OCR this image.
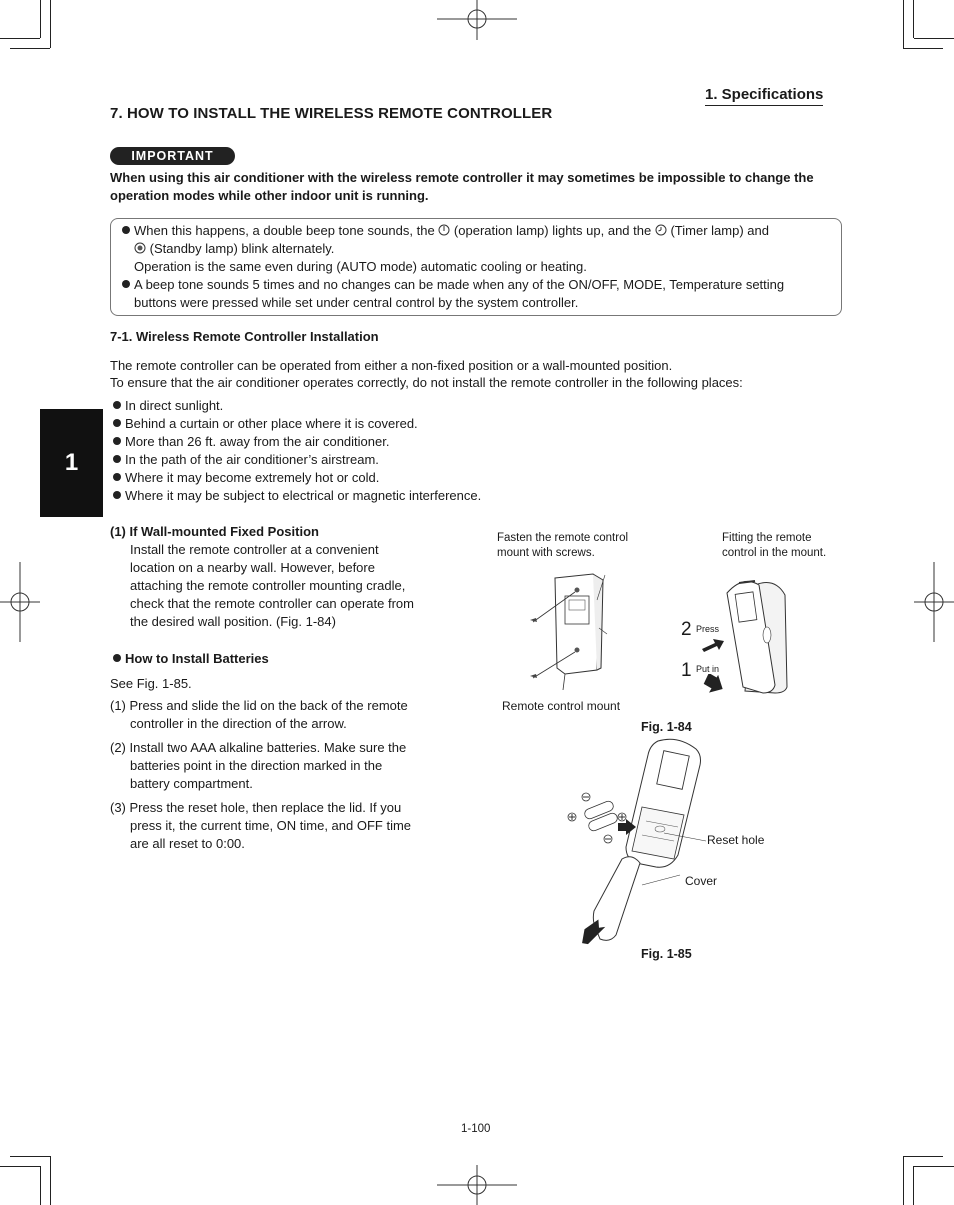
1. Specifications
7. HOW TO INSTALL THE WIRELESS REMOTE CONTROLLER
IMPORTANT
When using this air conditioner with the wireless remote controller it may sometimes be impossible to change the operation modes while other indoor unit is running.
When this happens, a double beep tone sounds, the (operation lamp) lights up, and the (Timer lamp) and
(Standby lamp) blink alternately.
Operation is the same even during (AUTO mode) automatic cooling or heating.
A beep tone sounds 5 times and no changes can be made when any of the ON/OFF, MODE, Temperature setting
buttons were pressed while set under central control by the system controller.
7-1. Wireless Remote Controller Installation
The remote controller can be operated from either a non-fixed position or a wall-mounted position.
To ensure that the air conditioner operates correctly, do not install the remote controller in the following places:
In direct sunlight.
Behind a curtain or other place where it is covered.
More than 26 ft. away from the air conditioner.
In the path of the air conditioner’s airstream.
Where it may become extremely hot or cold.
Where it may be subject to electrical or magnetic interference.
1
(1) If Wall-mounted Fixed Position
Install the remote controller at a convenient
location on a nearby wall. However, before
attaching the remote controller mounting cradle,
check that the remote controller can operate from
the desired wall position. (Fig. 1-84)
How to Install Batteries
See Fig. 1-85.
(1) Press and slide the lid on the back of the remote
controller in the direction of the arrow.
(2) Install two AAA alkaline batteries. Make sure the
batteries point in the direction marked in the
battery compartment.
(3) Press the reset hole, then replace the lid. If you
press it, the current time, ON time, and OFF time
are all reset to 0:00.
Fasten the remote control
mount with screws.
Fitting the remote
control in the mount.
Remote control mount
Fig. 1-84
2 Press
1 Put in
Reset hole
Cover
Fig. 1-85
1-100
